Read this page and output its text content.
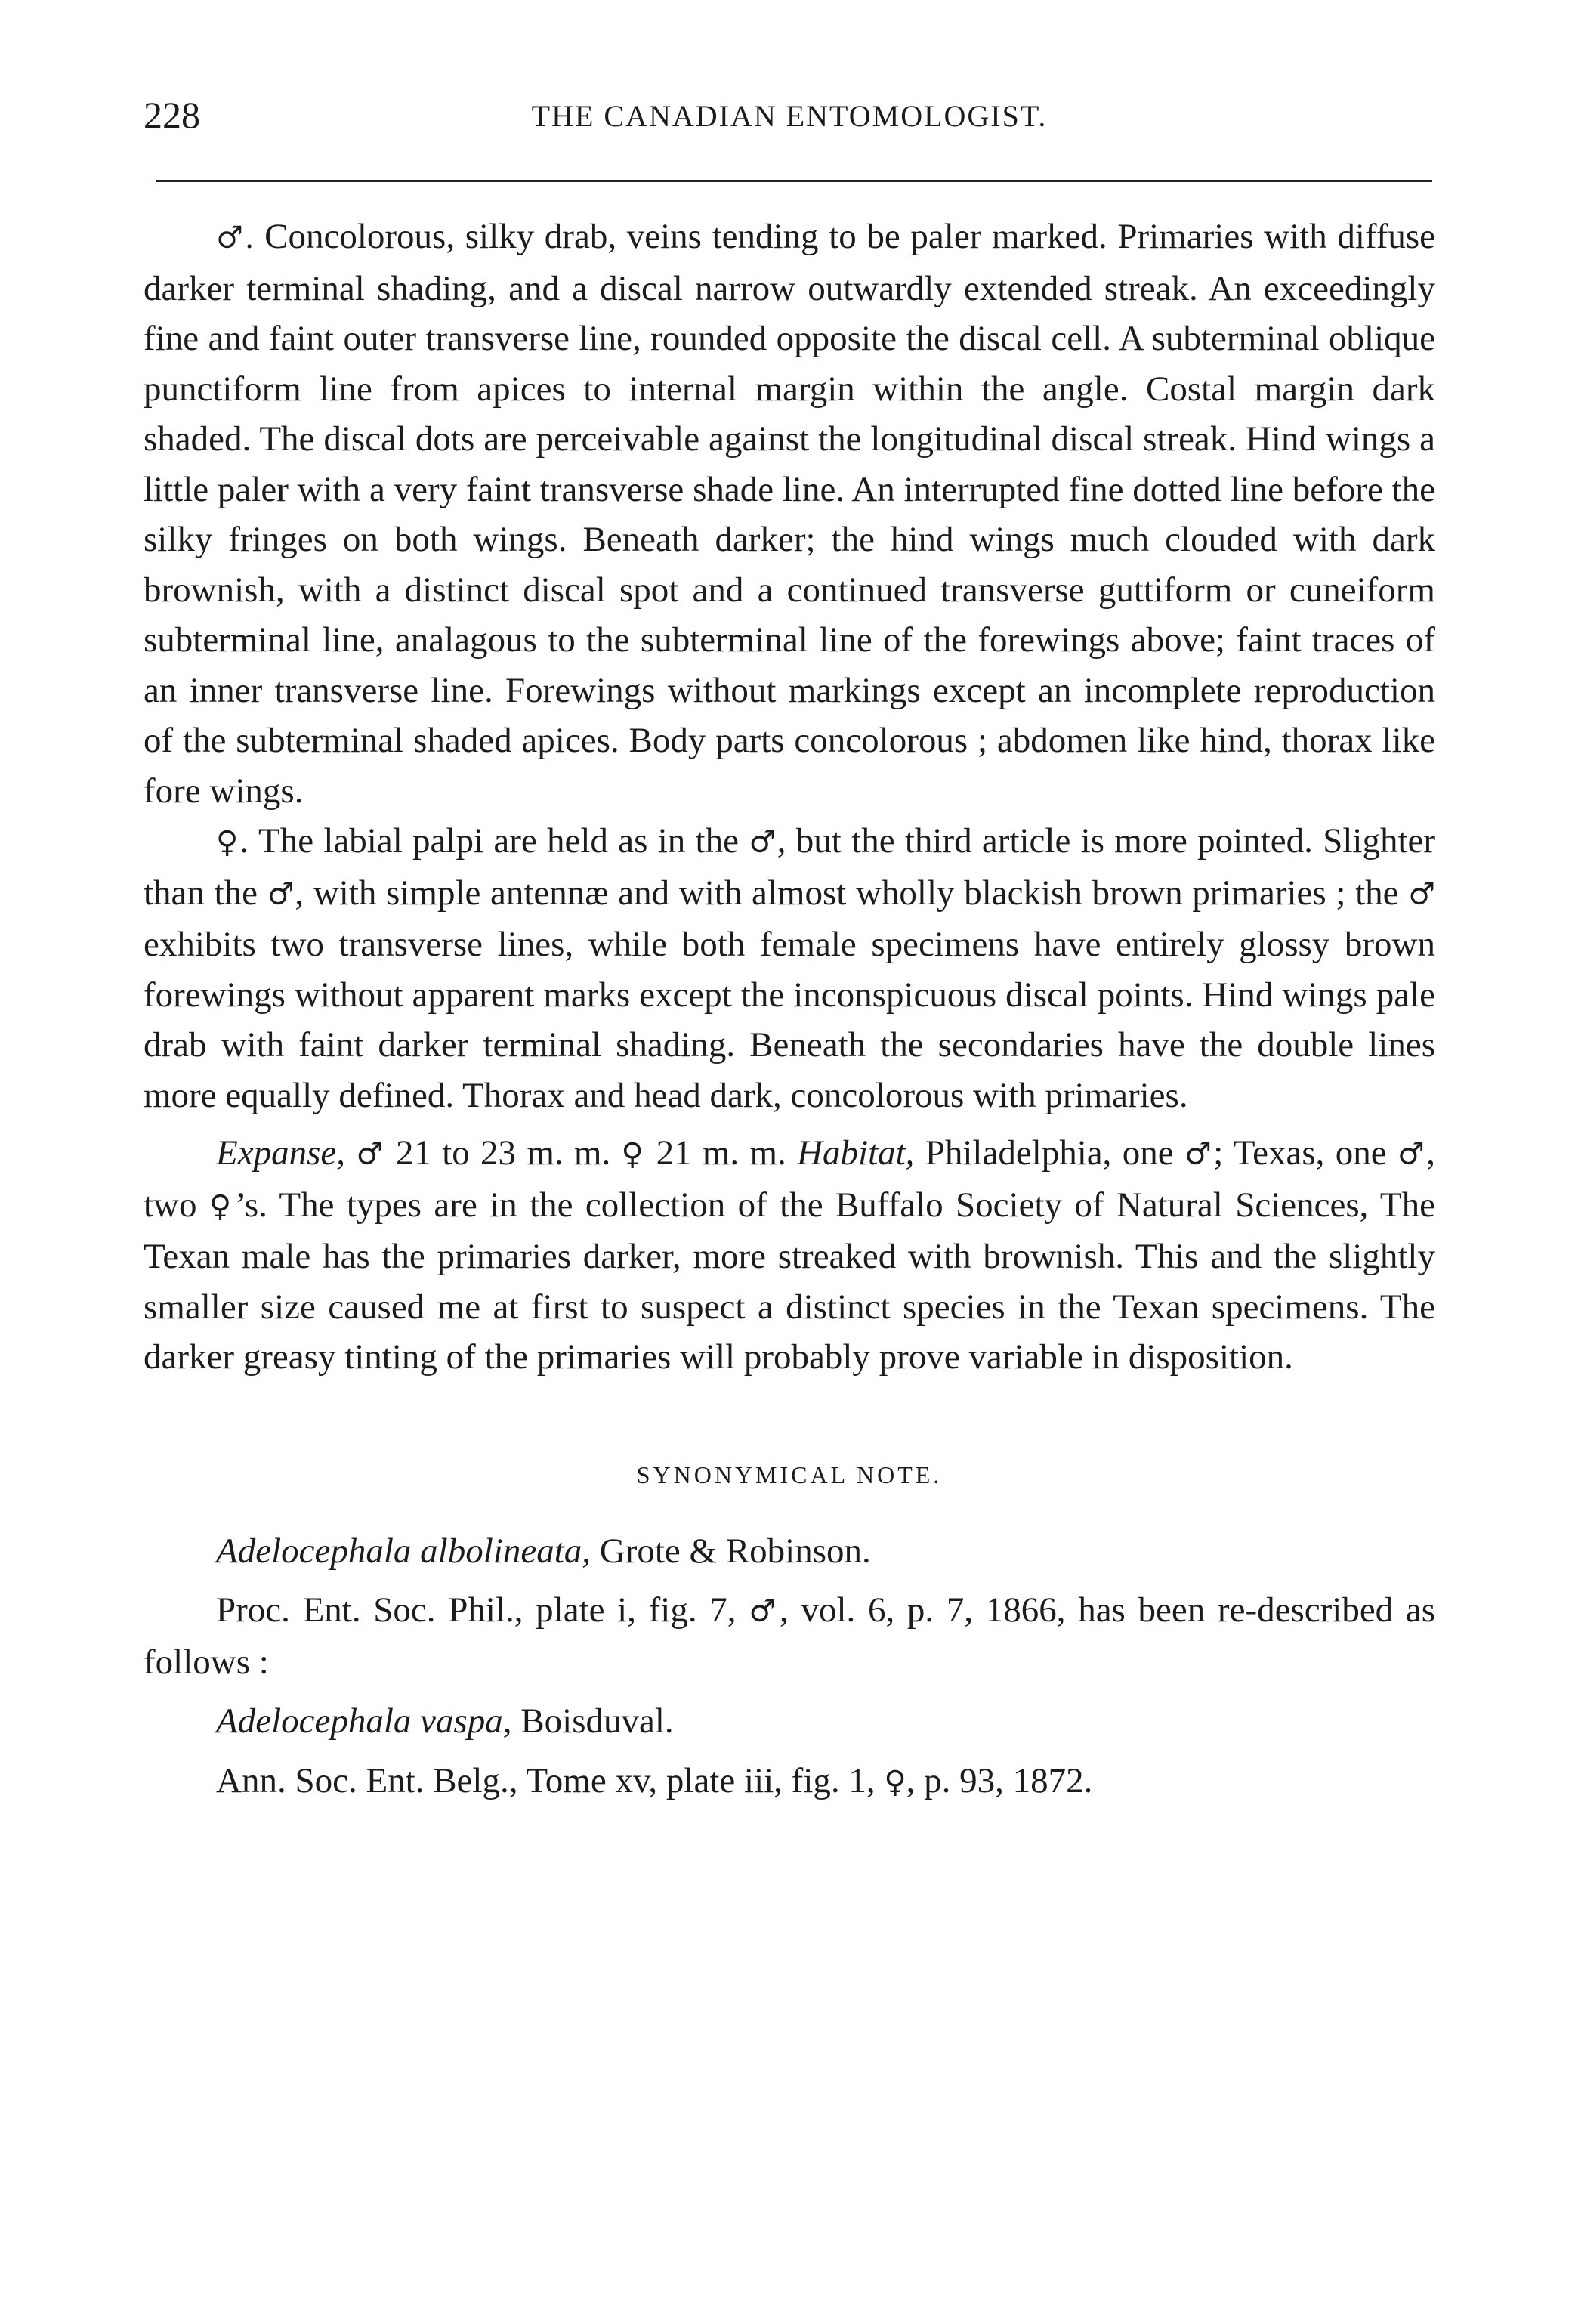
228	THE CANADIAN ENTOMOLOGIST.

♂. Concolorous, silky drab, veins tending to be paler marked. Primaries with diffuse darker terminal shading, and a discal narrow outwardly extended streak. An exceedingly fine and faint outer transverse line, rounded opposite the discal cell. A subterminal oblique punctiform line from apices to internal margin within the angle. Costal margin dark shaded. The discal dots are perceivable against the longitudinal discal streak. Hind wings a little paler with a very faint transverse shade line. An interrupted fine dotted line before the silky fringes on both wings. Beneath darker; the hind wings much clouded with dark brownish, with a distinct discal spot and a continued transverse guttiform or cuneiform subterminal line, analagous to the subterminal line of the forewings above; faint traces of an inner transverse line. Forewings without markings except an incomplete reproduction of the subterminal shaded apices. Body parts concolorous ; abdomen like hind, thorax like fore wings.

♀. The labial palpi are held as in the ♂, but the third article is more pointed. Slighter than the ♂, with simple antennæ and with almost wholly blackish brown primaries ; the ♂ exhibits two transverse lines, while both female specimens have entirely glossy brown forewings without apparent marks except the inconspicuous discal points. Hind wings pale drab with faint darker terminal shading. Beneath the secondaries have the double lines more equally defined. Thorax and head dark, concolorous with primaries.

Expanse, ♂ 21 to 23 m. m. ♀ 21 m. m. Habitat, Philadelphia, one ♂; Texas, one ♂, two ♀’s. The types are in the collection of the Buffalo Society of Natural Sciences, The Texan male has the primaries darker, more streaked with brownish. This and the slightly smaller size caused me at first to suspect a distinct species in the Texan specimens. The darker greasy tinting of the primaries will probably prove variable in disposition.

SYNONYMICAL NOTE.

Adelocephala albolineata, Grote & Robinson.

Proc. Ent. Soc. Phil., plate i, fig. 7, ♂, vol. 6, p. 7, 1866, has been re-described as follows :

Adelocephala vaspa, Boisduval.

Ann. Soc. Ent. Belg., Tome xv, plate iii, fig. 1, ♀, p. 93, 1872.
